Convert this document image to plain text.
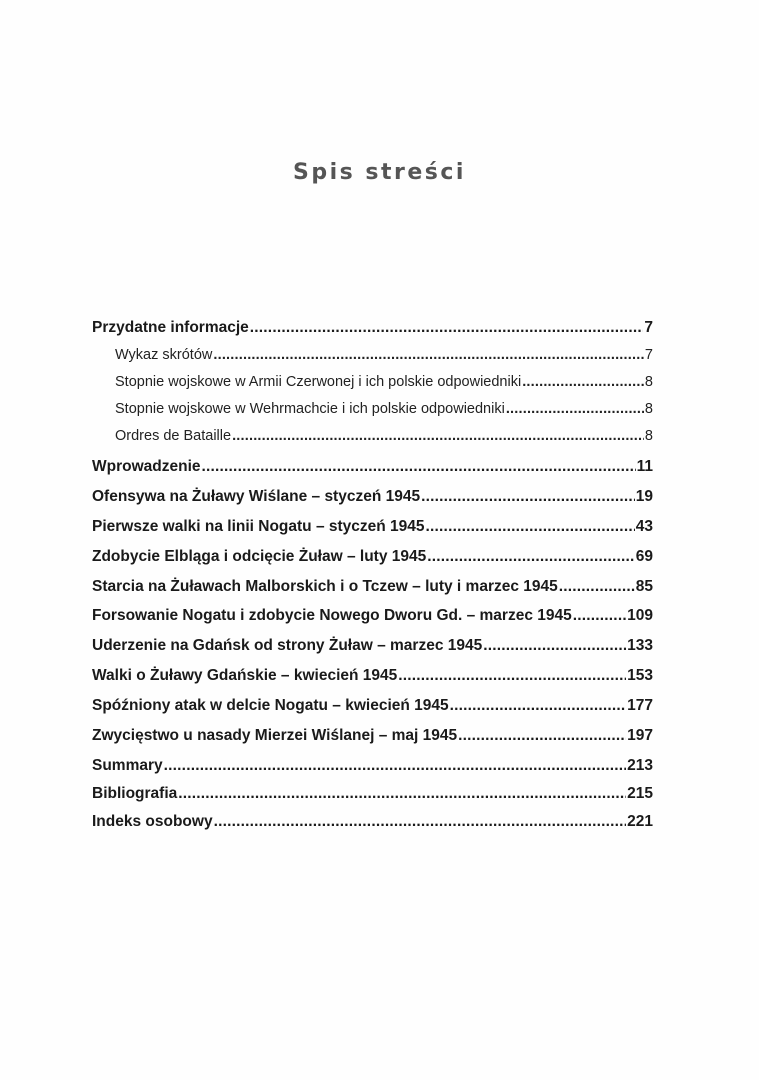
Spis streści
Przydatne informacje .....	7
Wykaz skrótów .....	7
Stopnie wojskowe w Armii Czerwonej i ich polskie odpowiedniki .....	8
Stopnie wojskowe w Wehrmachcie i ich polskie odpowiedniki .....	8
Ordres de Bataille .....	8
Wprowadzenie .....	11
Ofensywa na Żuławy Wiślane – styczeń 1945 .....	19
Pierwsze walki na linii Nogatu – styczeń 1945 .....	43
Zdobycie Elbląga i odcięcie Żuław – luty 1945 .....	69
Starcia na Żuławach Malborskich i o Tczew – luty i marzec 1945 .....	85
Forsowanie Nogatu i zdobycie Nowego Dworu Gd. – marzec 1945 .....	109
Uderzenie na Gdańsk od strony Żuław – marzec 1945 .....	133
Walki o Żuławy Gdańskie – kwiecień 1945 .....	153
Spóźniony atak w delcie Nogatu – kwiecień 1945 .....	177
Zwycięstwo u nasady Mierzei Wiślanej – maj 1945 .....	197
Summary .....	213
Bibliografia .....	215
Indeks osobowy .....	221
